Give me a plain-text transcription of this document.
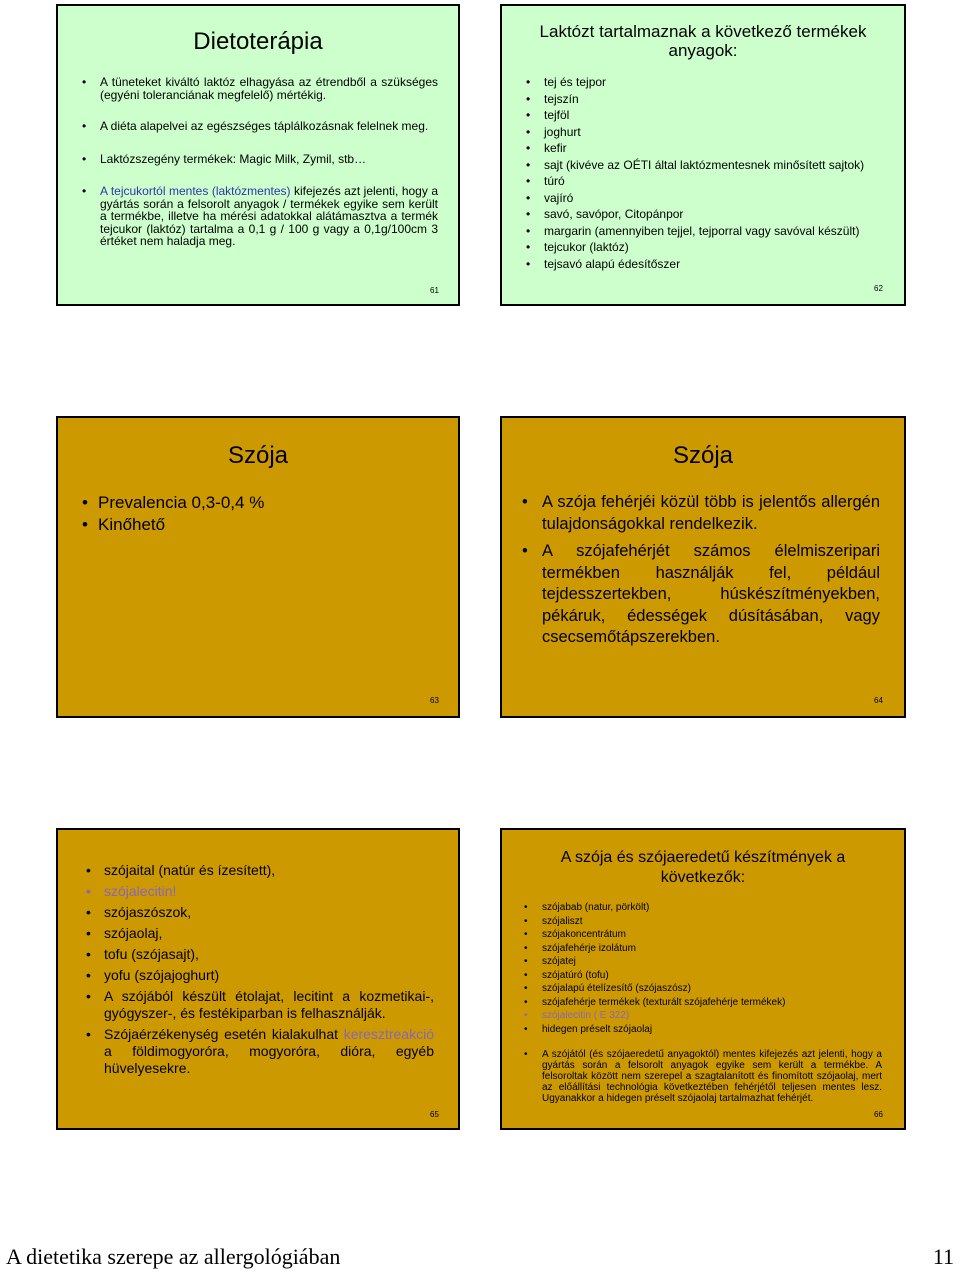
Dietoterápia
• A tüneteket kiváltó laktóz elhagyása az étrendből a szükséges (egyéni toleranciának megfelelő) mértékig.
• A diéta alapelvei az egészséges táplálkozásnak felelnek meg.
• Laktózszegény termékek: Magic Milk, Zymil, stb…
• A tejcukortól mentes (laktózmentes) kifejezés azt jelenti, hogy a gyártás során a felsorolt anyagok / termékek egyike sem került a termékbe, illetve ha mérési adatokkal alátámasztva a termék tejcukor (laktóz) tartalma a 0,1 g / 100 g vagy a 0,1g/100cm 3 értéket nem haladja meg.
61
Laktózt tartalmaznak a következő termékek anyagok:
• tej és tejpor
• tejszín
• tejföl
• joghurt
• kefir
• sajt (kivéve az OÉTI által laktózmentesnek minősített sajtok)
• túró
• vajíró
• savó, savópor, Citopánpor
• margarin (amennyiben tejjel, tejporral vagy savóval készült)
• tejcukor (laktóz)
• tejsavó alapú édesítőszer
62
Szója
• Prevalencia 0,3-0,4 %
• Kinőhető
63
Szója
• A szója fehérjéi közül több is jelentős allergén tulajdonságokkal rendelkezik.
• A szójafehérjét számos élelmiszeripari termékben használják fel, például tejdesszertekben, húskészítményekben, pékáruk, édességek dúsításában, vagy csecsemőtápszerekben.
64
• szójaital (natúr és ízesített),
• szójalecitin!
• szójaszószok,
• szójaolaj,
• tofu (szójasajt),
• yofu (szójajoghurt)
• A szójából készült étolajat, lecitint a kozmetikai-, gyógyszer-, és festékiparban is felhasználják.
• Szójaérzékenység esetén kialakulhat keresztreakció a földimogyoróra, mogyoróra, dióra, egyéb hüvelyesekre.
65
A szója és szójaeredetű készítmények a következők:
• szójabab (natur, pörkölt)
• szójaliszt
• szójakoncentrátum
• szójafehérje izolátum
• szójatej
• szójatúró (tofu)
• szójalapú ételízesítő (szójaszósz)
• szójafehérje termékek (texturált szójafehérje termékek)
• szójalecitin ( E 322)
• hidegen préselt szójaolaj
• A szójától (és szójaeredetű anyagoktól) mentes kifejezés azt jelenti, hogy a gyártás során a felsorolt anyagok egyike sem került a termékbe. A felsoroltak között nem szerepel a szagtalanított és finomított szójaolaj, mert az előállítási technológia következtében fehérjétől teljesen mentes lesz. Ugyanakkor a hidegen préselt szójaolaj tartalmazhat fehérjét.
66
A dietetika szerepe az allergológiában	11
